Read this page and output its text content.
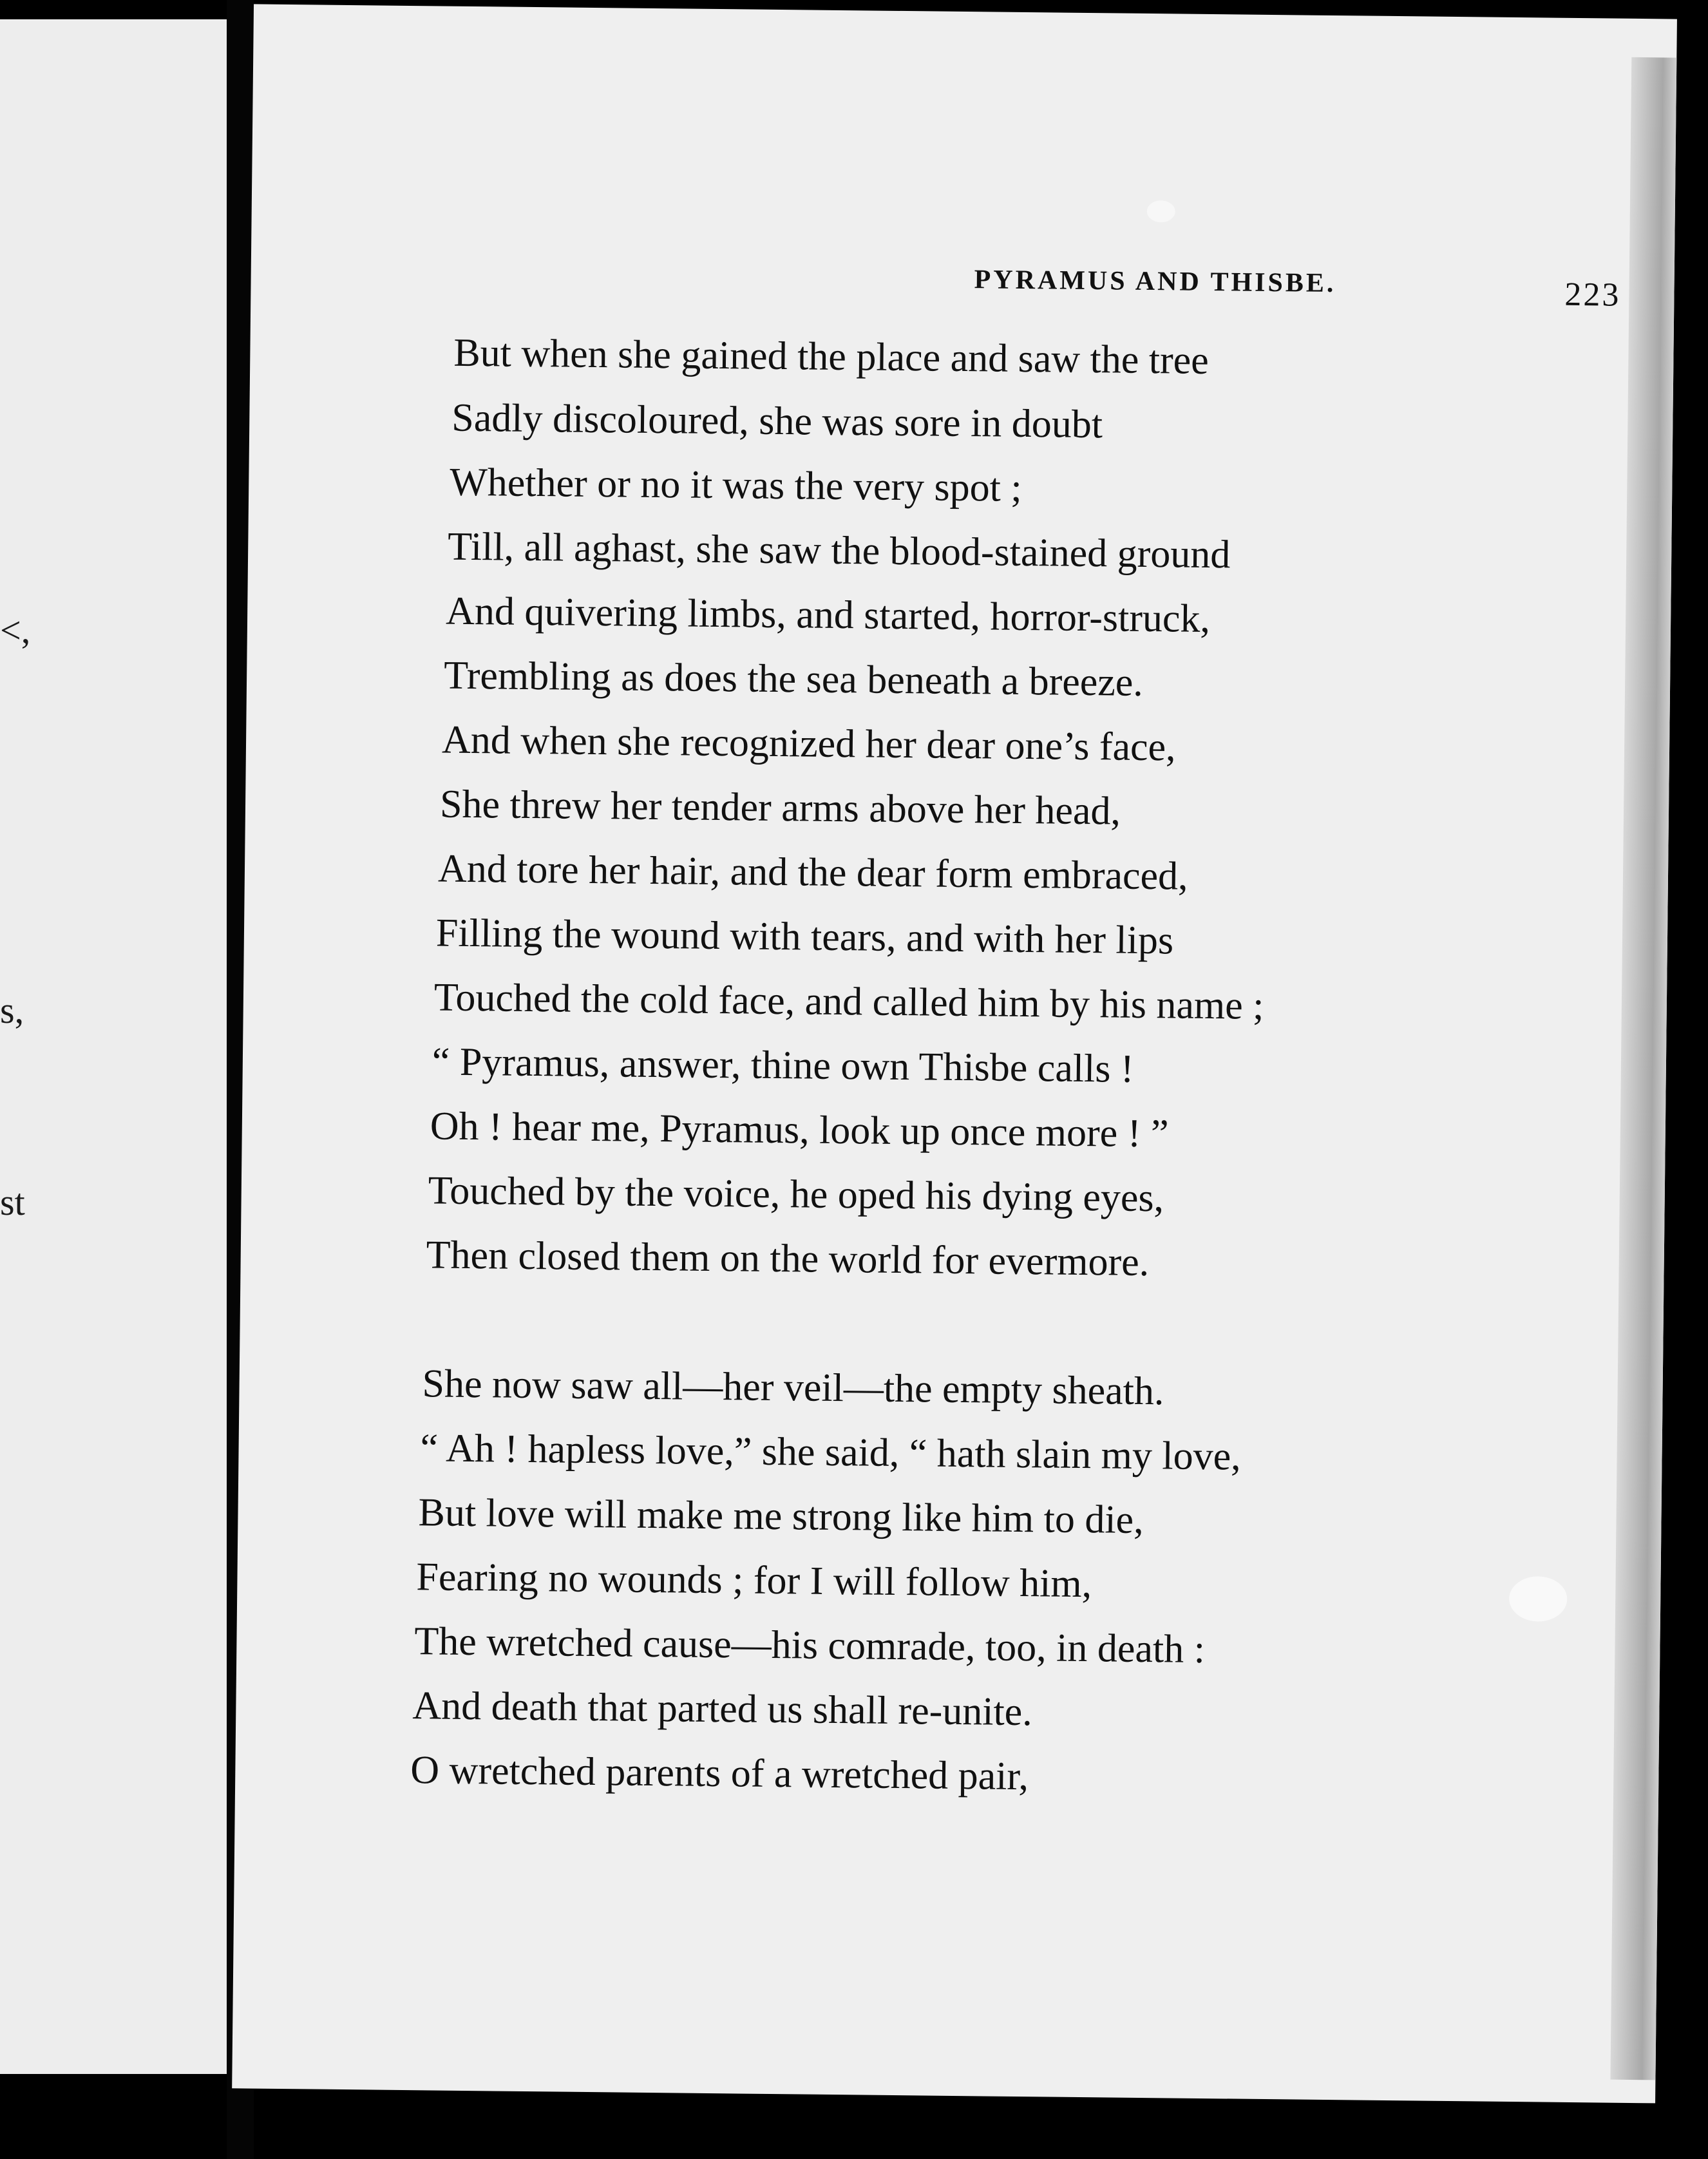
<,
s,
st
PYRAMUS AND THISBE.	223
But when she gained the place and saw the tree
Sadly discoloured, she was sore in doubt
Whether or no it was the very spot ;
Till, all aghast, she saw the blood-stained ground
And quivering limbs, and started, horror-struck,
Trembling as does the sea beneath a breeze.
And when she recognized her dear one’s face,
She threw her tender arms above her head,
And tore her hair, and the dear form embraced,
Filling the wound with tears, and with her lips
Touched the cold face, and called him by his name ;
“ Pyramus, answer, thine own Thisbe calls !
Oh ! hear me, Pyramus, look up once more ! ”
Touched by the voice, he oped his dying eyes,
Then closed them on the world for evermore.
She now saw all—her veil—the empty sheath.
“ Ah ! hapless love,” she said, “ hath slain my love,
But love will make me strong like him to die,
Fearing no wounds ; for I will follow him,
The wretched cause—his comrade, too, in death :
And death that parted us shall re-unite.
O wretched parents of a wretched pair,
